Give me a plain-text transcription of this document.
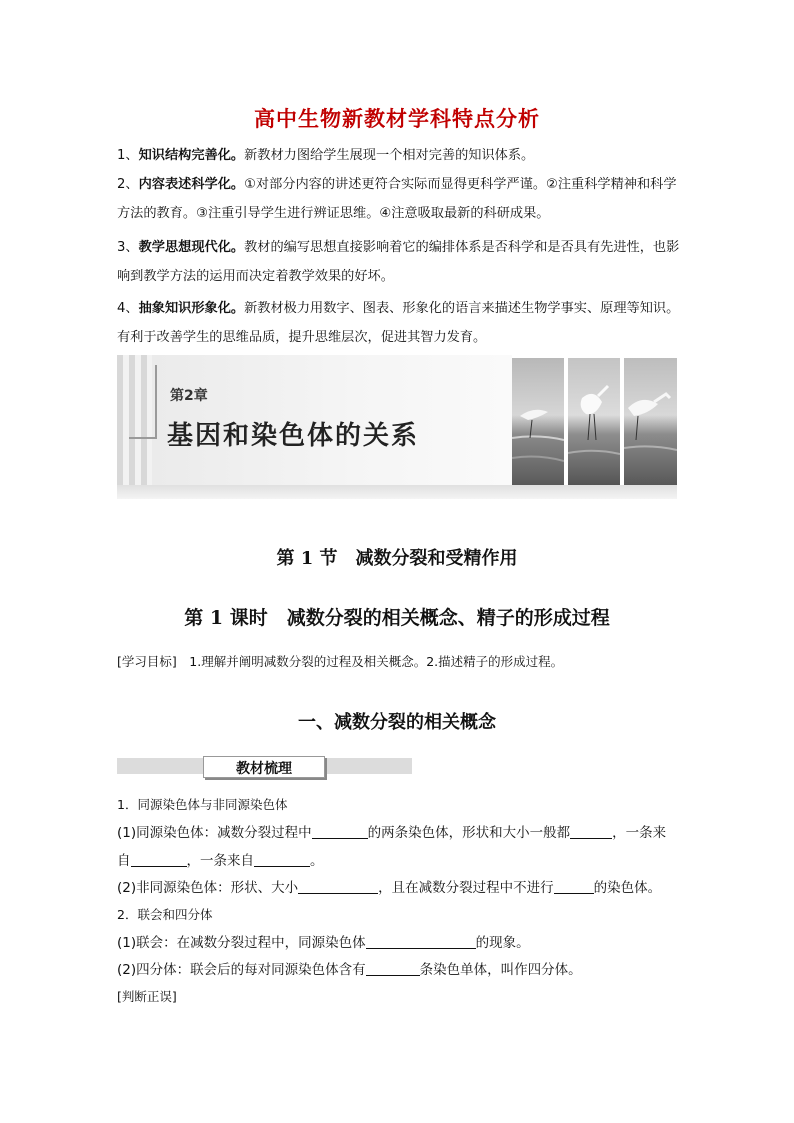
高中生物新教材学科特点分析
1、知识结构完善化。新教材力图给学生展现一个相对完善的知识体系。
2、内容表述科学化。①对部分内容的讲述更符合实际而显得更科学严谨。②注重科学精神和科学方法的教育。③注重引导学生进行辨证思维。④注意吸取最新的科研成果。
3、教学思想现代化。教材的编写思想直接影响着它的编排体系是否科学和是否具有先进性，也影响到教学方法的运用而决定着教学效果的好坏。
4、抽象知识形象化。新教材极力用数字、图表、形象化的语言来描述生物学事实、原理等知识。有利于改善学生的思维品质，提升思维层次，促进其智力发育。
第2章
基因和染色体的关系
第 1 节　减数分裂和受精作用
第 1 课时　减数分裂的相关概念、精子的形成过程
[学习目标]　 1.理解并阐明减数分裂的过程及相关概念。2.描述精子的形成过程。
一、减数分裂的相关概念
教材梳理
1．同源染色体与非同源染色体
(1)同源染色体：减数分裂过程中	的两条染色体，形状和大小一般都	，一条来
自	，一条来自	。
(2)非同源染色体：形状、大小	，且在减数分裂过程中不进行	的染色体。
2．联会和四分体
(1)联会：在减数分裂过程中，同源染色体	的现象。
(2)四分体：联会后的每对同源染色体含有	条染色单体，叫作四分体。
[判断正误]
